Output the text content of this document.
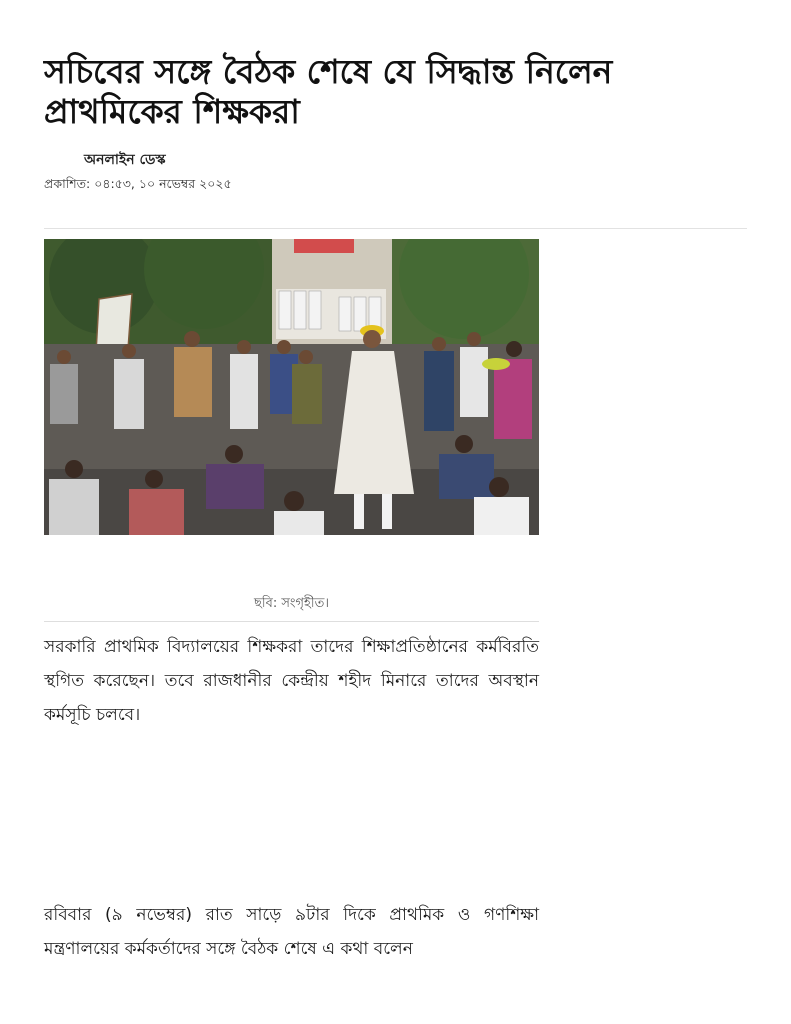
সচিবের সঙ্গে বৈঠক শেষে যে সিদ্ধান্ত নিলেন প্রাথমিকের শিক্ষকরা
অনলাইন ডেস্ক
প্রকাশিত: ০৪:৫৩, ১০ নভেম্বর ২০২৫
ছবি: সংগৃহীত।

সরকারি প্রাথমিক বিদ্যালয়ের শিক্ষকরা তাদের শিক্ষাপ্রতিষ্ঠানের কর্মবিরতি স্থগিত করেছেন। তবে রাজধানীর কেন্দ্রীয় শহীদ মিনারে তাদের অবস্থান কর্মসূচি চলবে।

রবিবার (৯ নভেম্বর) রাত সাড়ে ৯টার দিকে প্রাথমিক ও গণশিক্ষা মন্ত্রণালয়ের কর্মকর্তাদের সঙ্গে বৈঠক শেষে এ কথা বলেন
